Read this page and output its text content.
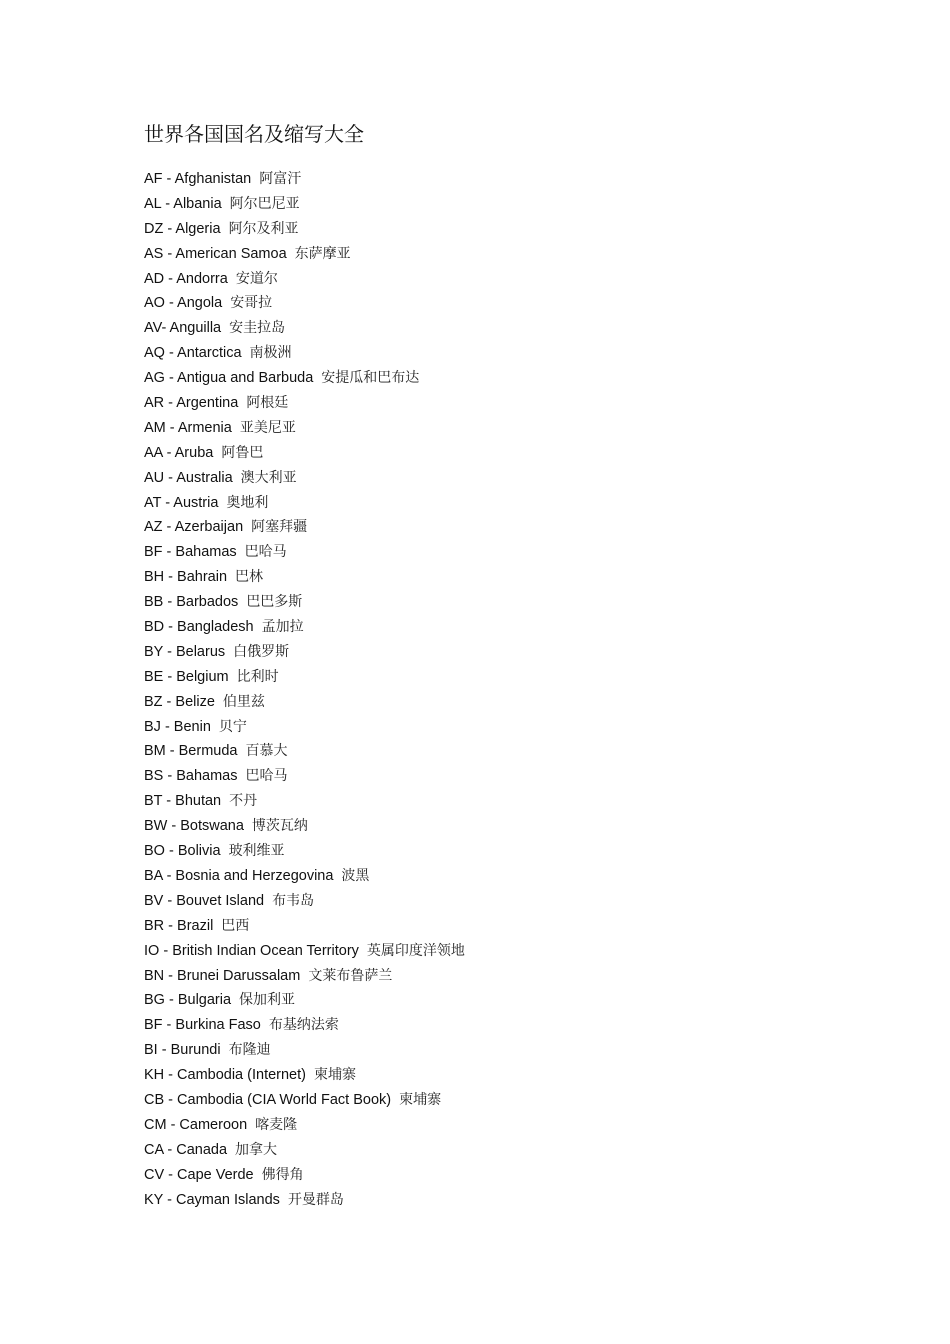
世界各国国名及缩写大全
AF - Afghanistan 阿富汗
AL - Albania 阿尔巴尼亚
DZ - Algeria 阿尔及利亚
AS - American Samoa 东萨摩亚
AD - Andorra 安道尔
AO - Angola 安哥拉
AV- Anguilla 安圭拉岛
AQ - Antarctica 南极洲
AG - Antigua and Barbuda 安提瓜和巴布达
AR - Argentina 阿根廷
AM - Armenia 亚美尼亚
AA - Aruba 阿鲁巴
AU - Australia 澳大利亚
AT - Austria 奥地利
AZ - Azerbaijan 阿塞拜疆
BF - Bahamas 巴哈马
BH - Bahrain 巴林
BB - Barbados 巴巴多斯
BD - Bangladesh 孟加拉
BY - Belarus 白俄罗斯
BE - Belgium 比利时
BZ - Belize 伯里兹
BJ - Benin 贝宁
BM - Bermuda 百慕大
BS - Bahamas 巴哈马
BT - Bhutan 不丹
BW - Botswana 博茨瓦纳
BO - Bolivia 玻利维亚
BA - Bosnia and Herzegovina 波黑
BV - Bouvet Island 布韦岛
BR - Brazil 巴西
IO - British Indian Ocean Territory 英属印度洋领地
BN - Brunei Darussalam 文莱布鲁萨兰
BG - Bulgaria 保加利亚
BF - Burkina Faso 布基纳法索
BI - Burundi 布隆迪
KH - Cambodia (Internet) 柬埔寨
CB - Cambodia (CIA World Fact Book) 柬埔寨
CM - Cameroon 喀麦隆
CA - Canada 加拿大
CV - Cape Verde 佛得角
KY - Cayman Islands 开曼群岛
